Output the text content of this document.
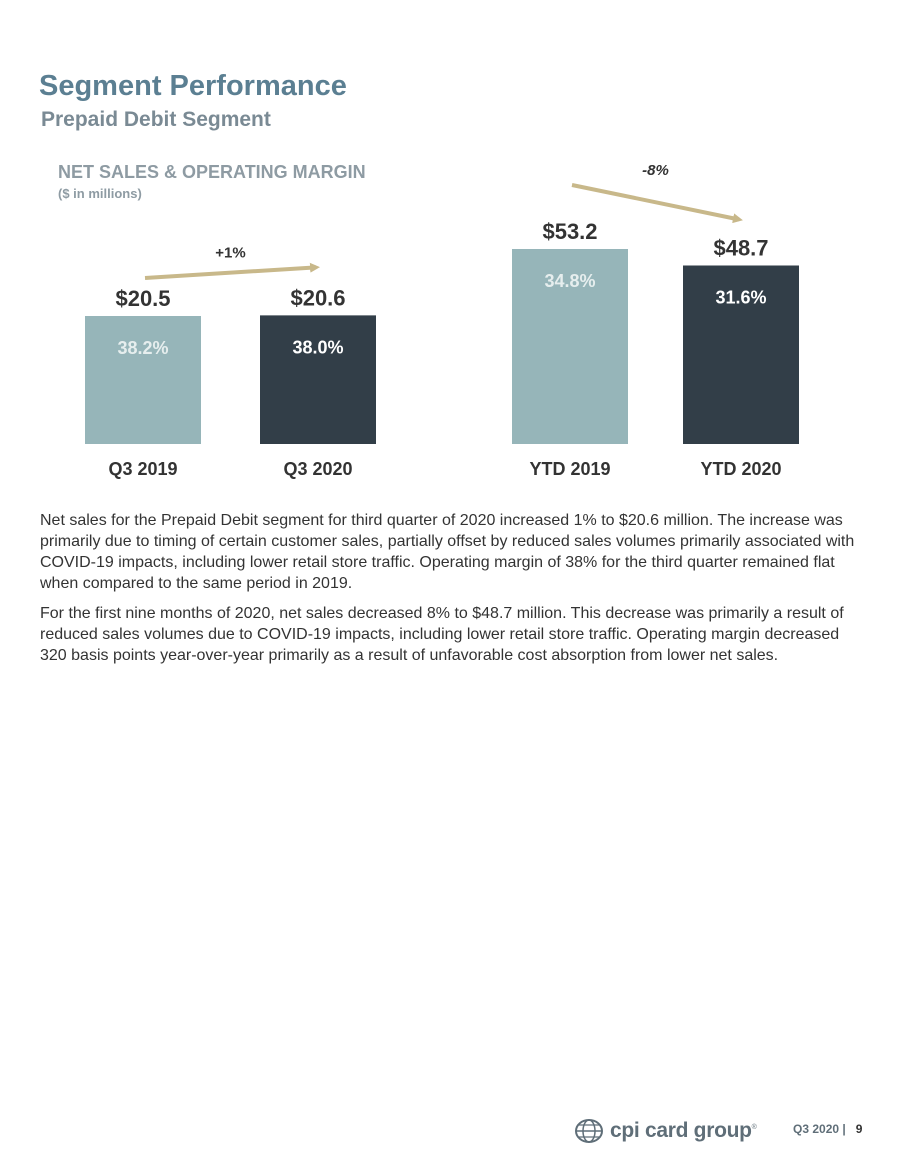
Segment Performance
Prepaid Debit Segment
NET SALES & OPERATING MARGIN
($ in millions)
$20.5
38.2%
Q3 2019
$20.6
38.0%
Q3 2020
+1%
$53.2
34.8%
YTD 2019
$48.7
31.6%
YTD 2020
-8%

Net sales for the Prepaid Debit segment for third quarter of 2020 increased 1% to $20.6 million. The increase was primarily due to timing of certain customer sales, partially offset by reduced sales volumes primarily associated with COVID-19 impacts, including lower retail store traffic. Operating margin of 38% for the third quarter remained flat when compared to the same period in 2019.

For the first nine months of 2020, net sales decreased 8% to $48.7 million. This decrease was primarily a result of reduced sales volumes due to COVID-19 impacts, including lower retail store traffic. Operating margin decreased 320 basis points year-over-year primarily as a result of unfavorable cost absorption from lower net sales.

cpi card group®	Q3 2020 | 9
